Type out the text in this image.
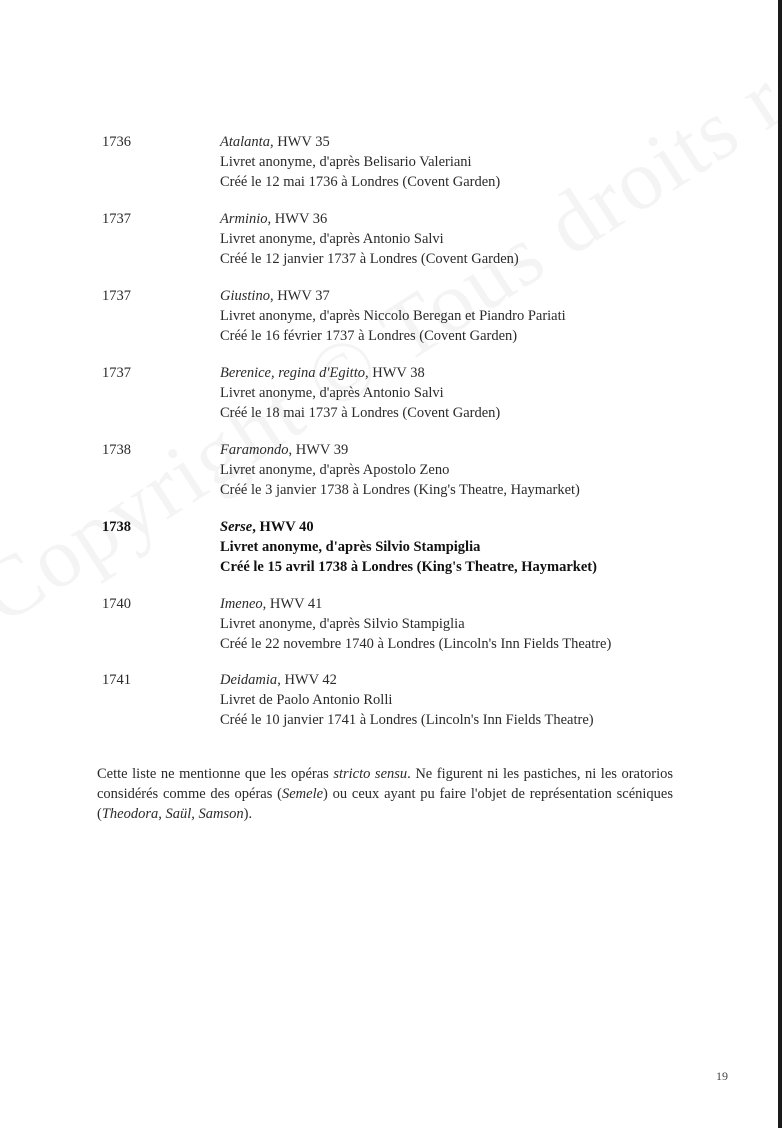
1736	Atalanta, HWV 35
Livret anonyme, d'après Belisario Valeriani
Créé le 12 mai 1736 à Londres (Covent Garden)
1737	Arminio, HWV 36
Livret anonyme, d'après Antonio Salvi
Créé le 12 janvier 1737 à Londres (Covent Garden)
1737	Giustino, HWV 37
Livret anonyme, d'après Niccolo Beregan et Piandro Pariati
Créé le 16 février 1737 à Londres (Covent Garden)
1737	Berenice, regina d'Egitto, HWV 38
Livret anonyme, d'après Antonio Salvi
Créé le 18 mai 1737 à Londres (Covent Garden)
1738	Faramondo, HWV 39
Livret anonyme, d'après Apostolo Zeno
Créé le 3 janvier 1738 à Londres (King's Theatre, Haymarket)
1738	Serse, HWV 40
Livret anonyme, d'après Silvio Stampiglia
Créé le 15 avril 1738 à Londres (King's Theatre, Haymarket)
1740	Imeneo, HWV 41
Livret anonyme, d'après Silvio Stampiglia
Créé le 22 novembre 1740 à Londres (Lincoln's Inn Fields Theatre)
1741	Deidamia, HWV 42
Livret de Paolo Antonio Rolli
Créé le 10 janvier 1741 à Londres (Lincoln's Inn Fields Theatre)
Cette liste ne mentionne que les opéras stricto sensu. Ne figurent ni les pastiches, ni les oratorios considérés comme des opéras (Semele) ou ceux ayant pu faire l'objet de représentation scéniques (Theodora, Saül, Samson).
19
